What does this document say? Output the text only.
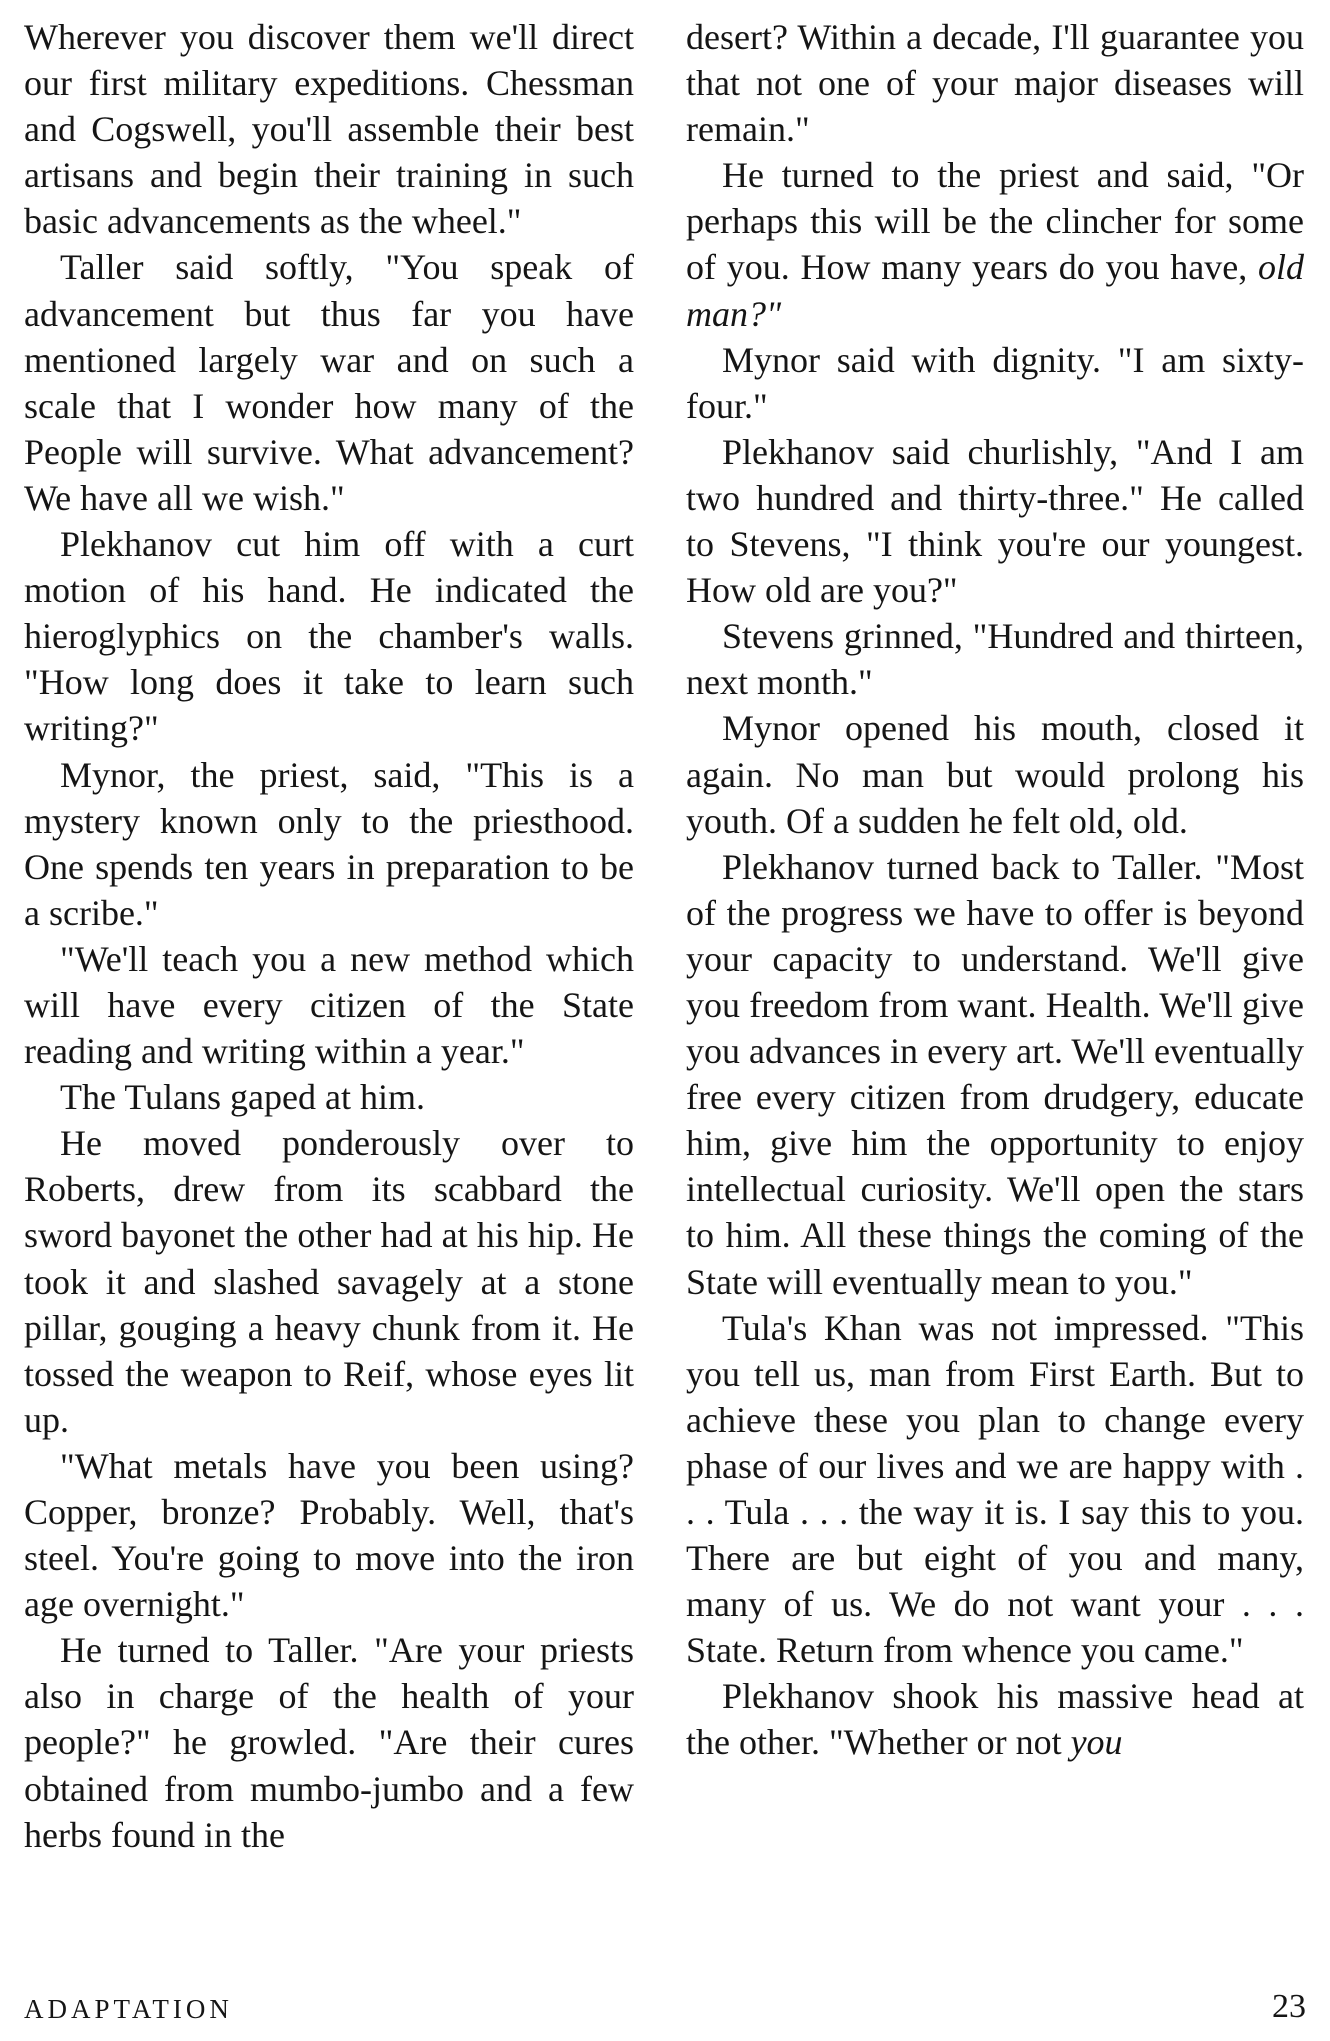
Wherever you discover them we'll direct our first military expeditions. Chessman and Cogswell, you'll assemble their best artisans and begin their training in such basic advancements as the wheel."

Taller said softly, "You speak of advancement but thus far you have mentioned largely war and on such a scale that I wonder how many of the People will survive. What advancement? We have all we wish."

Plekhanov cut him off with a curt motion of his hand. He indicated the hieroglyphics on the chamber's walls. "How long does it take to learn such writing?"

Mynor, the priest, said, "This is a mystery known only to the priesthood. One spends ten years in preparation to be a scribe."

"We'll teach you a new method which will have every citizen of the State reading and writing within a year."

The Tulans gaped at him.

He moved ponderously over to Roberts, drew from its scabbard the sword bayonet the other had at his hip. He took it and slashed savagely at a stone pillar, gouging a heavy chunk from it. He tossed the weapon to Reif, whose eyes lit up.

"What metals have you been using? Copper, bronze? Probably. Well, that's steel. You're going to move into the iron age overnight."

He turned to Taller. "Are your priests also in charge of the health of your people?" he growled. "Are their cures obtained from mumbo-jumbo and a few herbs found in the

desert? Within a decade, I'll guarantee you that not one of your major diseases will remain."

He turned to the priest and said, "Or perhaps this will be the clincher for some of you. How many years do you have, old man?"

Mynor said with dignity. "I am sixty-four."

Plekhanov said churlishly, "And I am two hundred and thirty-three." He called to Stevens, "I think you're our youngest. How old are you?"

Stevens grinned, "Hundred and thirteen, next month."

Mynor opened his mouth, closed it again. No man but would prolong his youth. Of a sudden he felt old, old.

Plekhanov turned back to Taller. "Most of the progress we have to offer is beyond your capacity to understand. We'll give you freedom from want. Health. We'll give you advances in every art. We'll eventually free every citizen from drudgery, educate him, give him the opportunity to enjoy intellectual curiosity. We'll open the stars to him. All these things the coming of the State will eventually mean to you."

Tula's Khan was not impressed. "This you tell us, man from First Earth. But to achieve these you plan to change every phase of our lives and we are happy with . . . Tula . . . the way it is. I say this to you. There are but eight of you and many, many of us. We do not want your . . . State. Return from whence you came."

Plekhanov shook his massive head at the other. "Whether or not you

ADAPTATION	23
